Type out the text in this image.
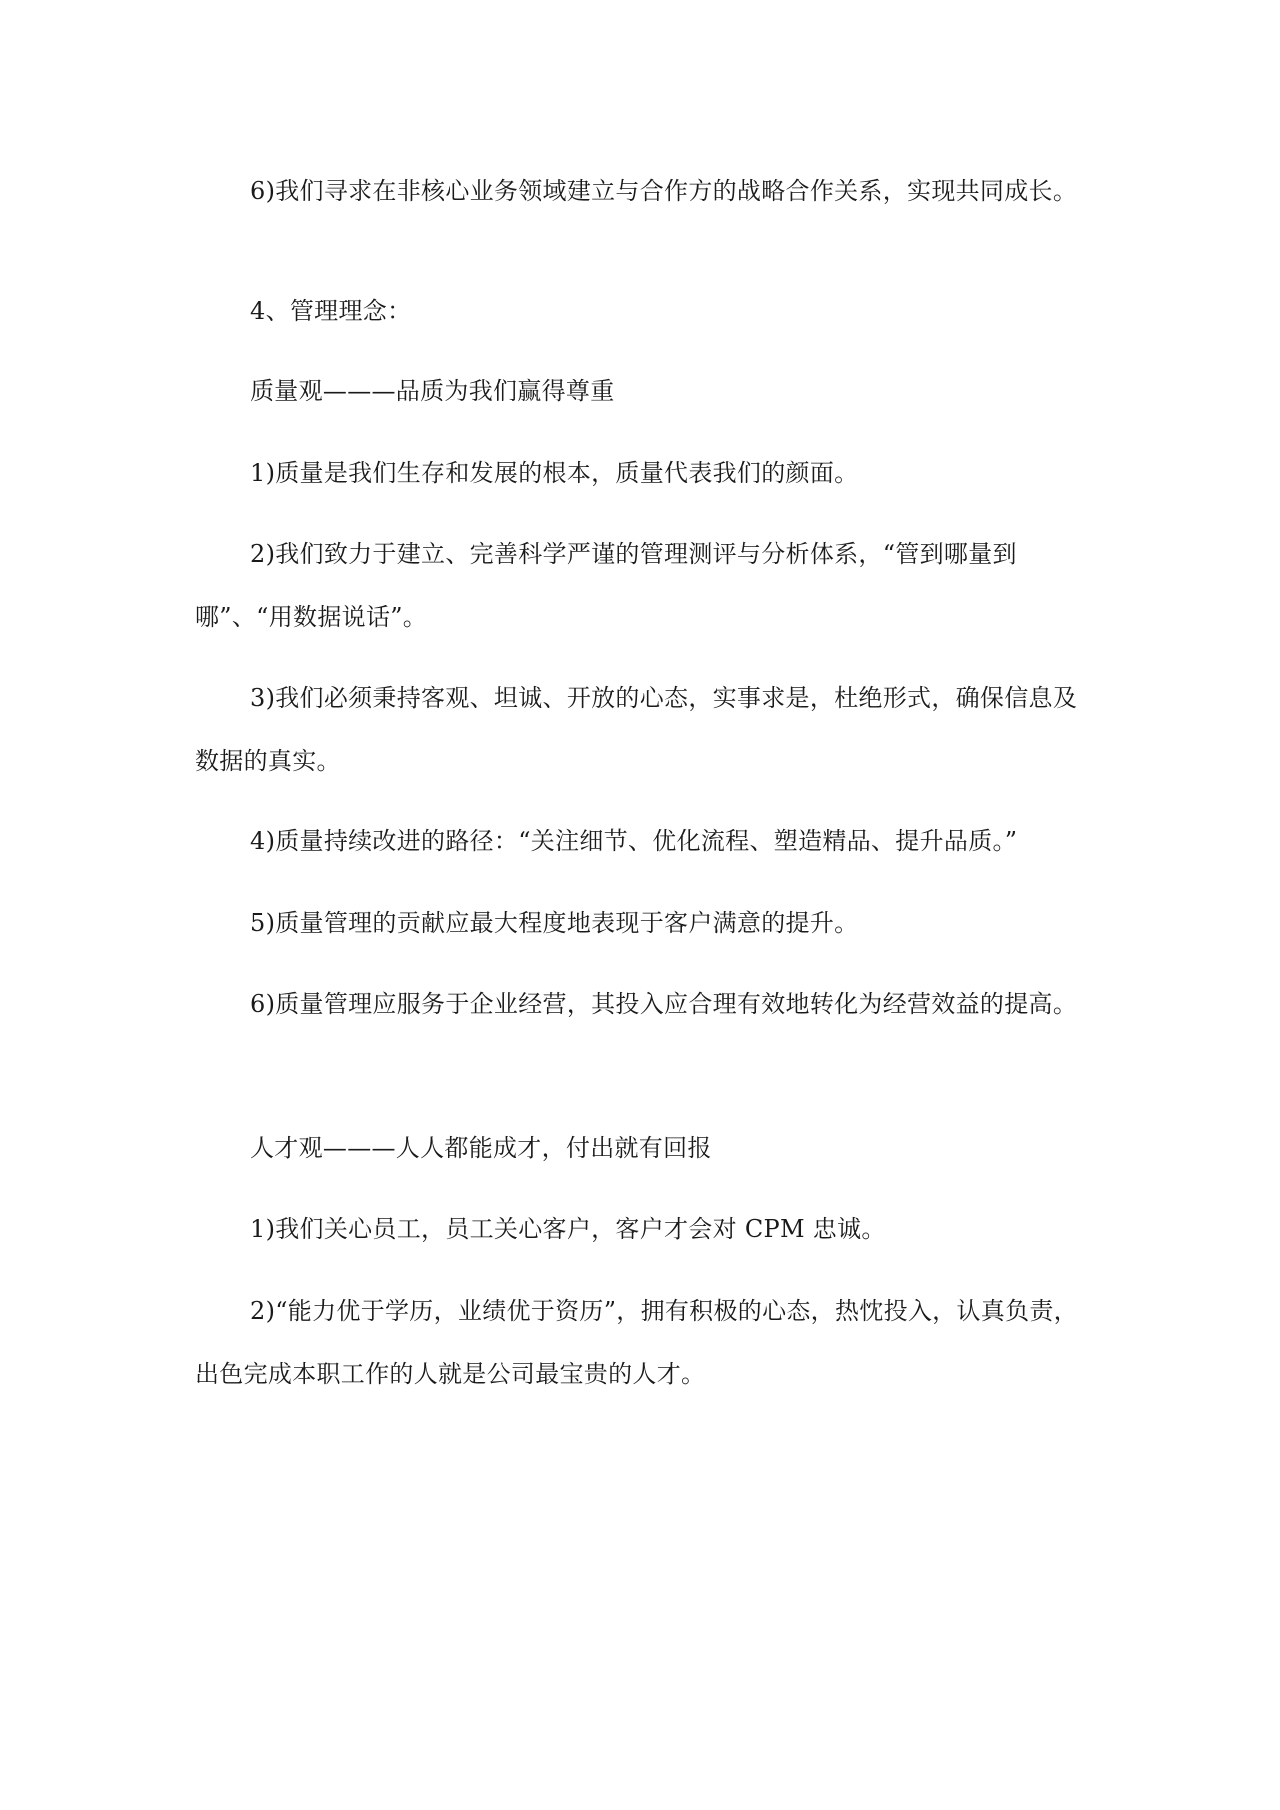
6)我们寻求在非核心业务领域建立与合作方的战略合作关系，实现共同成长。

4、管理理念：

质量观———品质为我们赢得尊重

1)质量是我们生存和发展的根本，质量代表我们的颜面。

2)我们致力于建立、完善科学严谨的管理测评与分析体系，“管到哪量到哪”、“用数据说话”。

3)我们必须秉持客观、坦诚、开放的心态，实事求是，杜绝形式，确保信息及数据的真实。

4)质量持续改进的路径：“关注细节、优化流程、塑造精品、提升品质。”

5)质量管理的贡献应最大程度地表现于客户满意的提升。

6)质量管理应服务于企业经营，其投入应合理有效地转化为经营效益的提高。

人才观———人人都能成才，付出就有回报

1)我们关心员工，员工关心客户，客户才会对 CPM 忠诚。

2)“能力优于学历，业绩优于资历”，拥有积极的心态，热忱投入，认真负责，出色完成本职工作的人就是公司最宝贵的人才。
